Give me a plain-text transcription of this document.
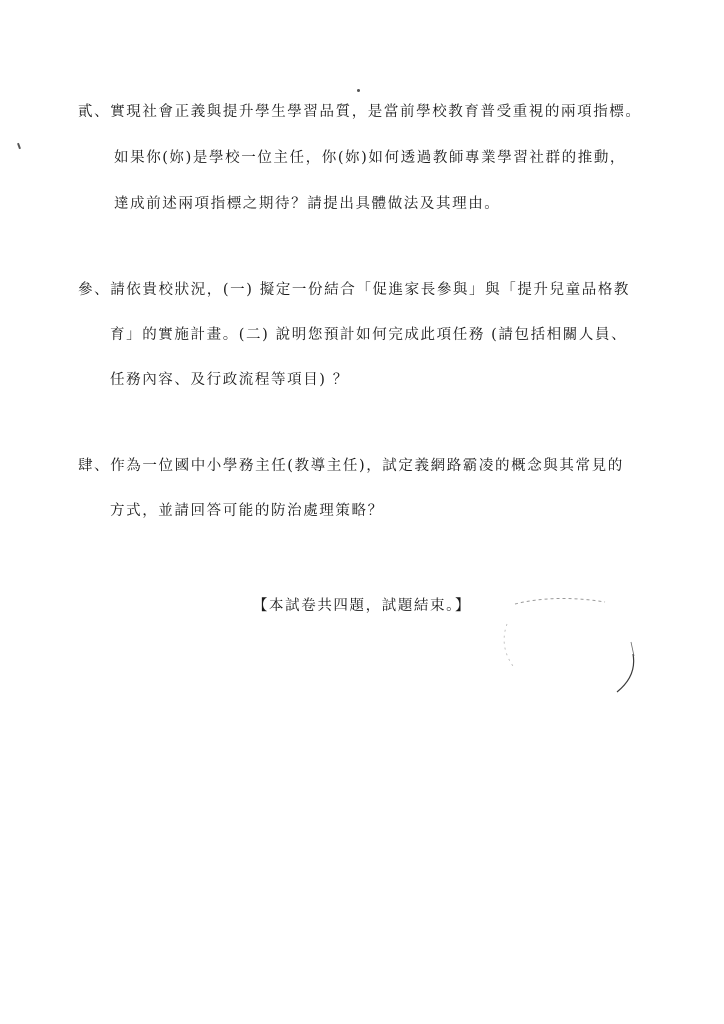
貳、實現社會正義與提升學生學習品質，是當前學校教育普受重視的兩項指標。
如果你(妳)是學校一位主任，你(妳)如何透過教師專業學習社群的推動，
達成前述兩項指標之期待？請提出具體做法及其理由。
參、請依貴校狀況，(一) 擬定一份結合「促進家長參與」與「提升兒童品格教
育」的實施計畫。(二) 說明您預計如何完成此項任務 (請包括相關人員、
任務內容、及行政流程等項目) ？
肆、作為一位國中小學務主任(教導主任)，試定義網路霸凌的概念與其常見的
方式，並請回答可能的防治處理策略？
【本試卷共四題，試題結束。】
